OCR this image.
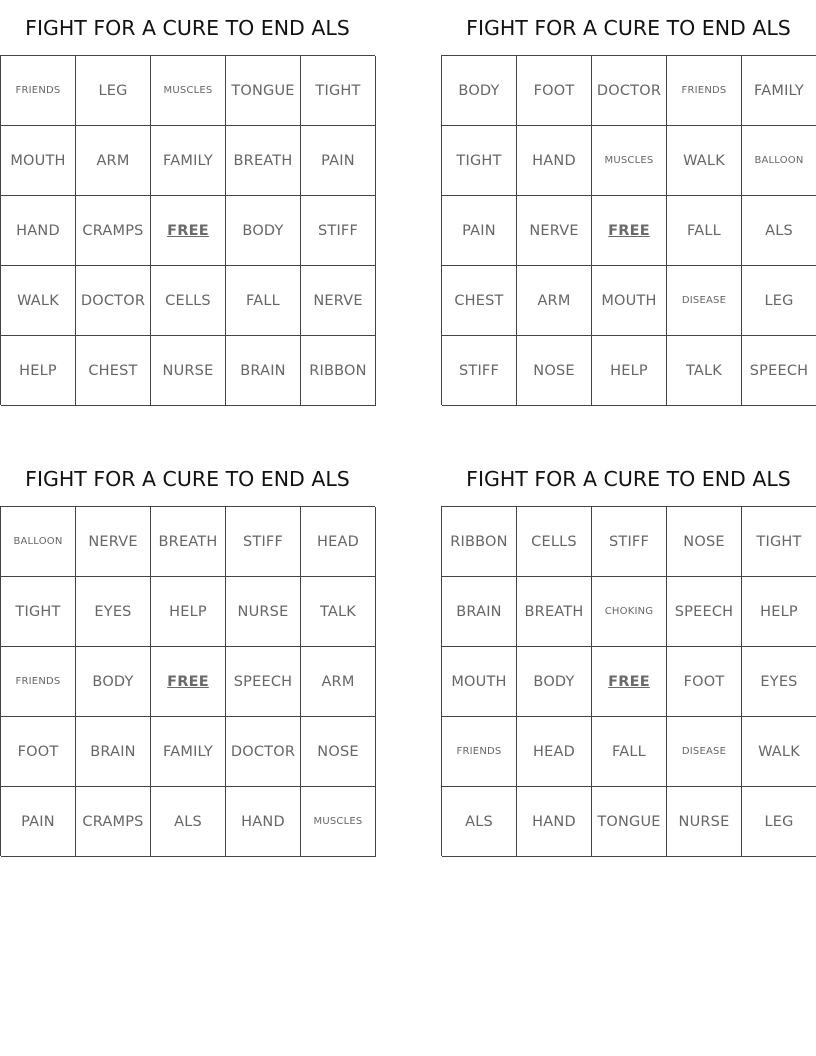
FIGHT FOR A CURE TO END ALS
FRIENDS	LEG	MUSCLES	TONGUE	TIGHT
MOUTH	ARM	FAMILY	BREATH	PAIN
HAND	CRAMPS	FREE	BODY	STIFF
WALK	DOCTOR	CELLS	FALL	NERVE
HELP	CHEST	NURSE	BRAIN	RIBBON
FIGHT FOR A CURE TO END ALS
BODY	FOOT	DOCTOR	FRIENDS	FAMILY
TIGHT	HAND	MUSCLES	WALK	BALLOON
PAIN	NERVE	FREE	FALL	ALS
CHEST	ARM	MOUTH	DISEASE	LEG
STIFF	NOSE	HELP	TALK	SPEECH
FIGHT FOR A CURE TO END ALS
BALLOON	NERVE	BREATH	STIFF	HEAD
TIGHT	EYES	HELP	NURSE	TALK
FRIENDS	BODY	FREE	SPEECH	ARM
FOOT	BRAIN	FAMILY	DOCTOR	NOSE
PAIN	CRAMPS	ALS	HAND	MUSCLES
FIGHT FOR A CURE TO END ALS
RIBBON	CELLS	STIFF	NOSE	TIGHT
BRAIN	BREATH	CHOKING	SPEECH	HELP
MOUTH	BODY	FREE	FOOT	EYES
FRIENDS	HEAD	FALL	DISEASE	WALK
ALS	HAND	TONGUE	NURSE	LEG
